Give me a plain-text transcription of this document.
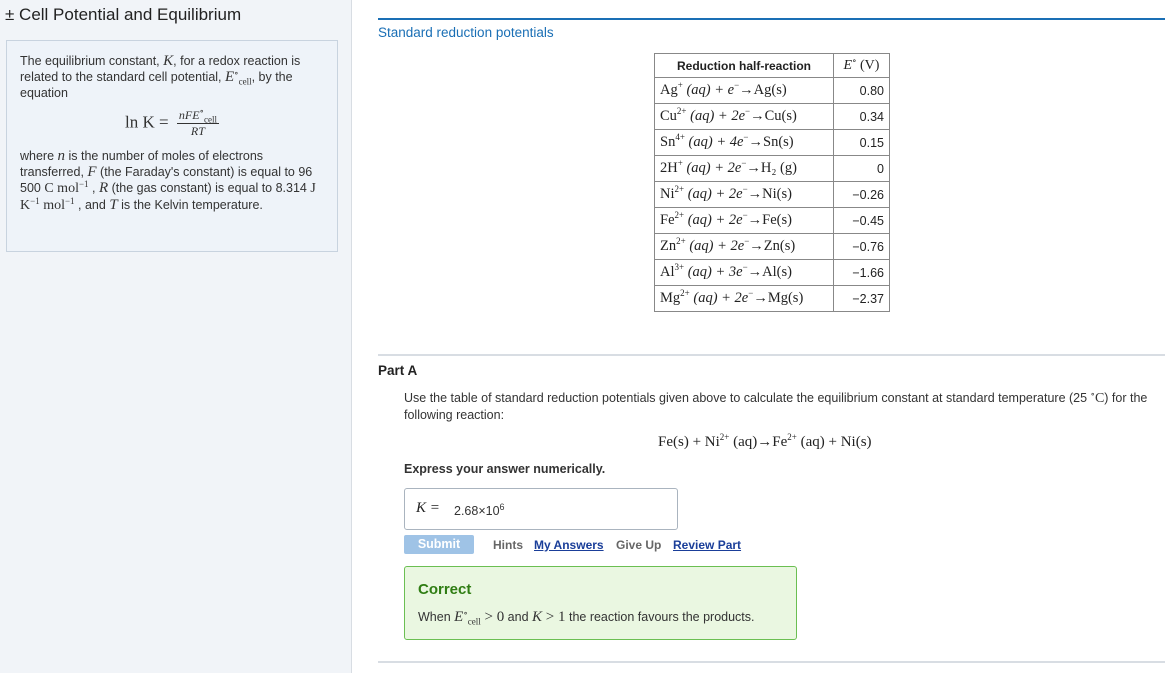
± Cell Potential and Equilibrium
The equilibrium constant, K, for a redox reaction is related to the standard cell potential, $E^\circ_{cell}$, by the equation
$\ln K = \frac{nFE^\circ_{cell}}{RT}$
where n is the number of moles of electrons transferred, F (the Faraday's constant) is equal to 96 500 C mol$^{-1}$ , R (the gas constant) is equal to 8.314 J $K^{-1}$ mol$^{-1}$ , and T is the Kelvin temperature.
Standard reduction potentials
Reduction half-reaction	E∘ (V)
Ag+ (aq) + e−→Ag(s)	0.80
$Cu^{2+}$ (aq) + 2e−→Cu(s)	0.34
$Sn^{4+}$ (aq) + 4e−→Sn(s)	0.15
2H+ (aq) + 2e−→H₂ (g)	0
$Ni^{2+}$ (aq) + 2e−→Ni(s)	−0.26
$Fe^{2+}$ (aq) + 2e−→Fe(s)	−0.45
$Zn^{2+}$ (aq) + 2e−→Zn(s)	−0.76
$Al^{3+}$ (aq) + 3e−→Al(s)	−1.66
$Mg^{2+}$ (aq) + 2e−→Mg(s)	−2.37
Part A
Use the table of standard reduction potentials given above to calculate the equilibrium constant at standard temperature (25 ∘C) for the following reaction:
$Fe(s) + Ni^{2+}$ $(aq)\to Fe^{2+}$ (aq) + Ni(s)
Express your answer numerically.
$K = 2.68\times 10^6$
Submit	Hints My Answers Give Up Review Part
Correct
When $E^\circ_{cell} > 0$ and K > 1 the reaction favours the products.
